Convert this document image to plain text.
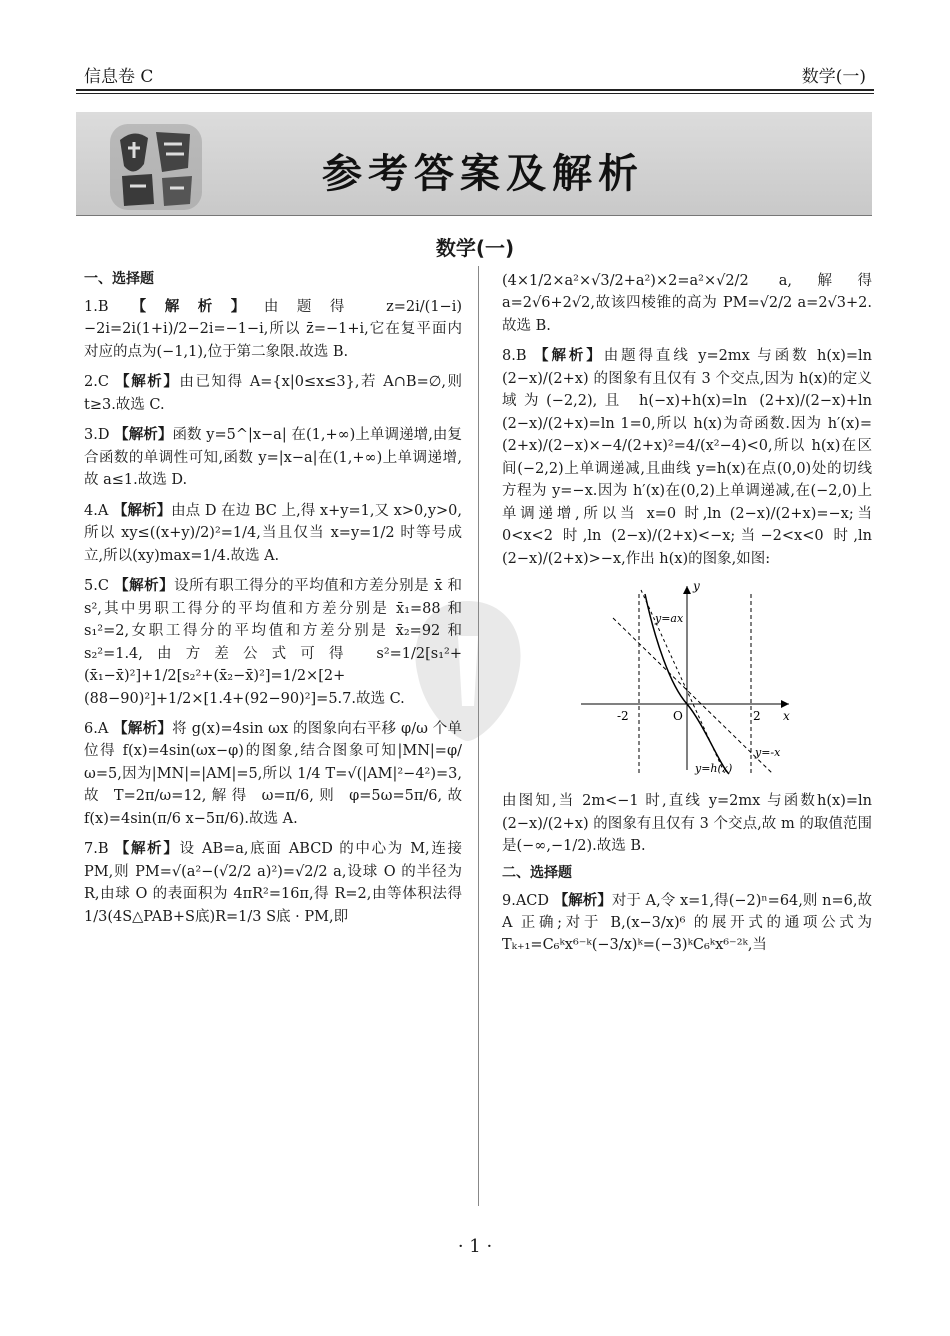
信息卷 C	数学(一)
参考答案及解析
数学(一)
一、选择题

1.B 【解析】由题得 z=2i/(1−i)−2i=2i(1+i)/2−2i=−1−i,所以 z̄=−1+i,它在复平面内对应的点为(−1,1),位于第二象限.故选 B.

2.C 【解析】由已知得 A={x|0≤x≤3},若 A∩B=∅,则 t≥3.故选 C.

3.D 【解析】函数 y=5^|x−a| 在(1,+∞)上单调递增,由复合函数的单调性可知,函数 y=|x−a|在(1,+∞)上单调递增,故 a≤1.故选 D.

4.A 【解析】由点 D 在边 BC 上,得 x+y=1,又 x>0,y>0,所以 xy≤((x+y)/2)²=1/4,当且仅当 x=y=1/2 时等号成立,所以(xy)max=1/4.故选 A.

5.C 【解析】设所有职工得分的平均值和方差分别是 x̄ 和 s²,其中男职工得分的平均值和方差分别是 x̄₁=88 和 s₁²=2,女职工得分的平均值和方差分别是 x̄₂=92 和 s₂²=1.4,由方差公式可得 s²=1/2[s₁²+(x̄₁−x̄)²]+1/2[s₂²+(x̄₂−x̄)²]=1/2×[2+(88−90)²]+1/2×[1.4+(92−90)²]=5.7.故选 C.

6.A 【解析】将 g(x)=4sin ωx 的图象向右平移 φ/ω 个单位得 f(x)=4sin(ωx−φ)的图象,结合图象可知|MN|=φ/ω=5,因为|MN|=|AM|=5,所以 1/4 T=√(|AM|²−4²)=3,故 T=2π/ω=12,解得 ω=π/6,则 φ=5ω=5π/6,故 f(x)=4sin(π/6 x−5π/6).故选 A.

7.B 【解析】设 AB=a,底面 ABCD 的中心为 M,连接 PM,则 PM=√(a²−(√2/2 a)²)=√2/2 a,设球 O 的半径为 R,由球 O 的表面积为 4πR²=16π,得 R=2,由等体积法得 1/3(4S△PAB+S底)R=1/3 S底 · PM,即

(4×1/2×a²×√3/2+a²)×2=a²×√2/2 a,解得 a=2√6+2√2,故该四棱锥的高为 PM=√2/2 a=2√3+2.故选 B.

8.B 【解析】由题得直线 y=2mx 与函数 h(x)=ln (2−x)/(2+x) 的图象有且仅有 3 个交点,因为 h(x)的定义域为(−2,2),且 h(−x)+h(x)=ln (2+x)/(2−x)+ln (2−x)/(2+x)=ln 1=0,所以 h(x)为奇函数.因为 h′(x)=(2+x)/(2−x)×−4/(2+x)²=4/(x²−4)<0,所以 h(x)在区间(−2,2)上单调递减,且曲线 y=h(x)在点(0,0)处的切线方程为 y=−x.因为 h′(x)在(0,2)上单调递减,在(−2,0)上单调递增,所以当 x=0 时,ln (2−x)/(2+x)=−x;当 0<x<2 时,ln (2−x)/(2+x)<−x;当−2<x<0 时,ln (2−x)/(2+x)>−x,作出 h(x)的图象,如图:

y
x
O
-2	2
y=ax
y=-x
y=h(x)

由图知,当 2m<−1 时,直线 y=2mx 与函数h(x)=ln (2−x)/(2+x) 的图象有且仅有 3 个交点,故 m 的取值范围是(−∞,−1/2).故选 B.

二、选择题

9.ACD 【解析】对于 A,令 x=1,得(−2)ⁿ=64,则 n=6,故 A 正确;对于 B,(x−3/x)⁶ 的展开式的通项公式为 Tₖ₊₁=C₆ᵏx⁶⁻ᵏ(−3/x)ᵏ=(−3)ᵏC₆ᵏx⁶⁻²ᵏ,当

· 1 ·
